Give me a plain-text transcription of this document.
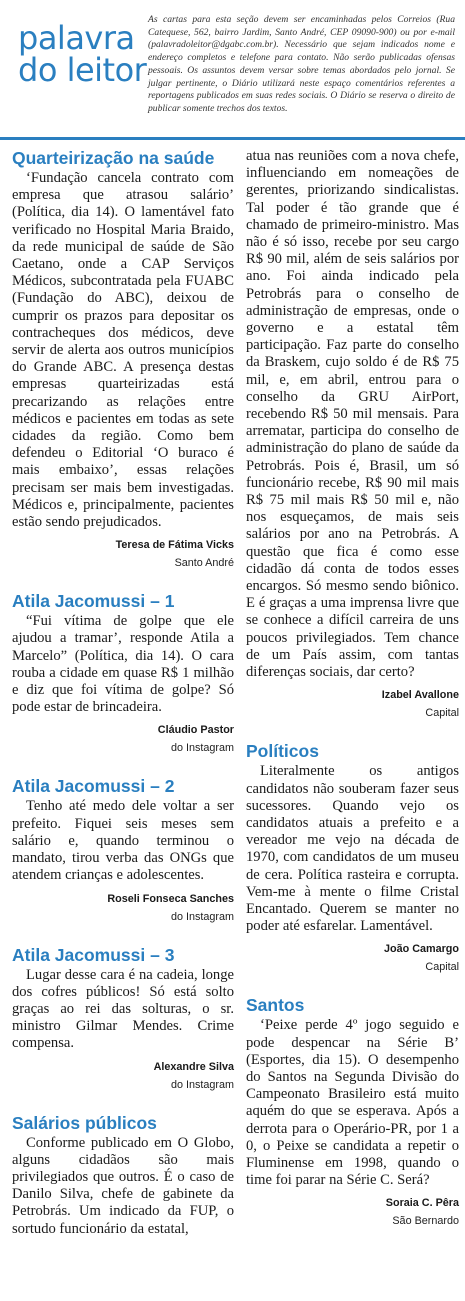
palavra
do leitor
As cartas para esta seção devem ser encaminhadas pelos Correios (Rua Catequese, 562, bairro Jardim, Santo André, CEP 09090-900) ou por e-mail (palavradoleitor@dgabc.com.br). Necessário que sejam indicados nome e endereço completos e telefone para contato. Não serão publicadas ofensas pessoais. Os assuntos devem versar sobre temas abordados pelo jornal. Se julgar pertinente, o Diário utilizará neste espaço comentários referentes a reportagens publicados em suas redes sociais. O Diário se reserva o direito de publicar somente trechos dos textos.
Quarteirização na saúde

‘Fundação cancela contrato com empresa que atrasou salário’ (Política, dia 14). O lamentável fato verificado no Hospital Maria Braido, da rede municipal de saúde de São Caetano, onde a CAP Serviços Médicos, subcontratada pela FUABC (Fundação do ABC), deixou de cumprir os prazos para depositar os contracheques dos médicos, deve servir de alerta aos outros municípios do Grande ABC. A presença destas empresas quarteirizadas está precarizando as relações entre médicos e pacientes em todas as sete cidades da região. Como bem defendeu o Editorial ‘O buraco é mais embaixo’, essas relações precisam ser mais bem investigadas. Médicos e, principalmente, pacientes estão sendo prejudicados.

Teresa de Fátima Vicks
Santo André
Atila Jacomussi – 1

“Fui vítima de golpe que ele ajudou a tramar’, responde Atila a Marcelo” (Política, dia 14). O cara rouba a cidade em quase R$ 1 milhão e diz que foi vítima de golpe? Só pode estar de brincadeira.

Cláudio Pastor
do Instagram
Atila Jacomussi – 2

Tenho até medo dele voltar a ser prefeito. Fiquei seis meses sem salário e, quando terminou o mandato, tirou verba das ONGs que atendem crianças e adolescentes.

Roseli Fonseca Sanches
do Instagram
Atila Jacomussi – 3

Lugar desse cara é na cadeia, longe dos cofres públicos! Só está solto graças ao rei das solturas, o sr. ministro Gilmar Mendes. Crime compensa.

Alexandre Silva
do Instagram
Salários públicos

Conforme publicado em O Globo, alguns cidadãos são mais privilegiados que outros. É o caso de Danilo Silva, chefe de gabinete da Petrobrás. Um indicado da FUP, o sortudo funcionário da estatal,

atua nas reuniões com a nova chefe, influenciando em nomeações de gerentes, priorizando sindicalistas. Tal poder é tão grande que é chamado de primeiro-ministro. Mas não é só isso, recebe por seu cargo R$ 90 mil, além de seis salários por ano. Foi ainda indicado pela Petrobrás para o conselho de administração de empresas, onde o governo e a estatal têm participação. Faz parte do conselho da Braskem, cujo soldo é de R$ 75 mil, e, em abril, entrou para o conselho da GRU AirPort, recebendo R$ 50 mil mensais. Para arrematar, participa do conselho de administração do plano de saúde da Petrobrás. Pois é, Brasil, um só funcionário recebe, R$ 90 mil mais R$ 75 mil mais R$ 50 mil e, não nos esqueçamos, de mais seis salários por ano na Petrobrás. A questão que fica é como esse cidadão dá conta de todos esses encargos. Só mesmo sendo biônico. E é graças a uma imprensa livre que se conhece a difícil carreira de uns poucos privilegiados. Tem chance de um País assim, com tantas diferenças sociais, dar certo?

Izabel Avallone
Capital
Políticos

Literalmente os antigos candidatos não souberam fazer seus sucessores. Quando vejo os candidatos atuais a prefeito e a vereador me vejo na década de 1970, com candidatos de um museu de cera. Política rasteira e corrupta. Vem-me à mente o filme Cristal Encantado. Querem se manter no poder até esfarelar. Lamentável.

João Camargo
Capital
Santos

‘Peixe perde 4º jogo seguido e pode despencar na Série B’ (Esportes, dia 15). O desempenho do Santos na Segunda Divisão do Campeonato Brasileiro está muito aquém do que se esperava. Após a derrota para o Operário-PR, por 1 a 0, o Peixe se candidata a repetir o Fluminense em 1998, quando o time foi parar na Série C. Será?

Soraia C. Pêra
São Bernardo
